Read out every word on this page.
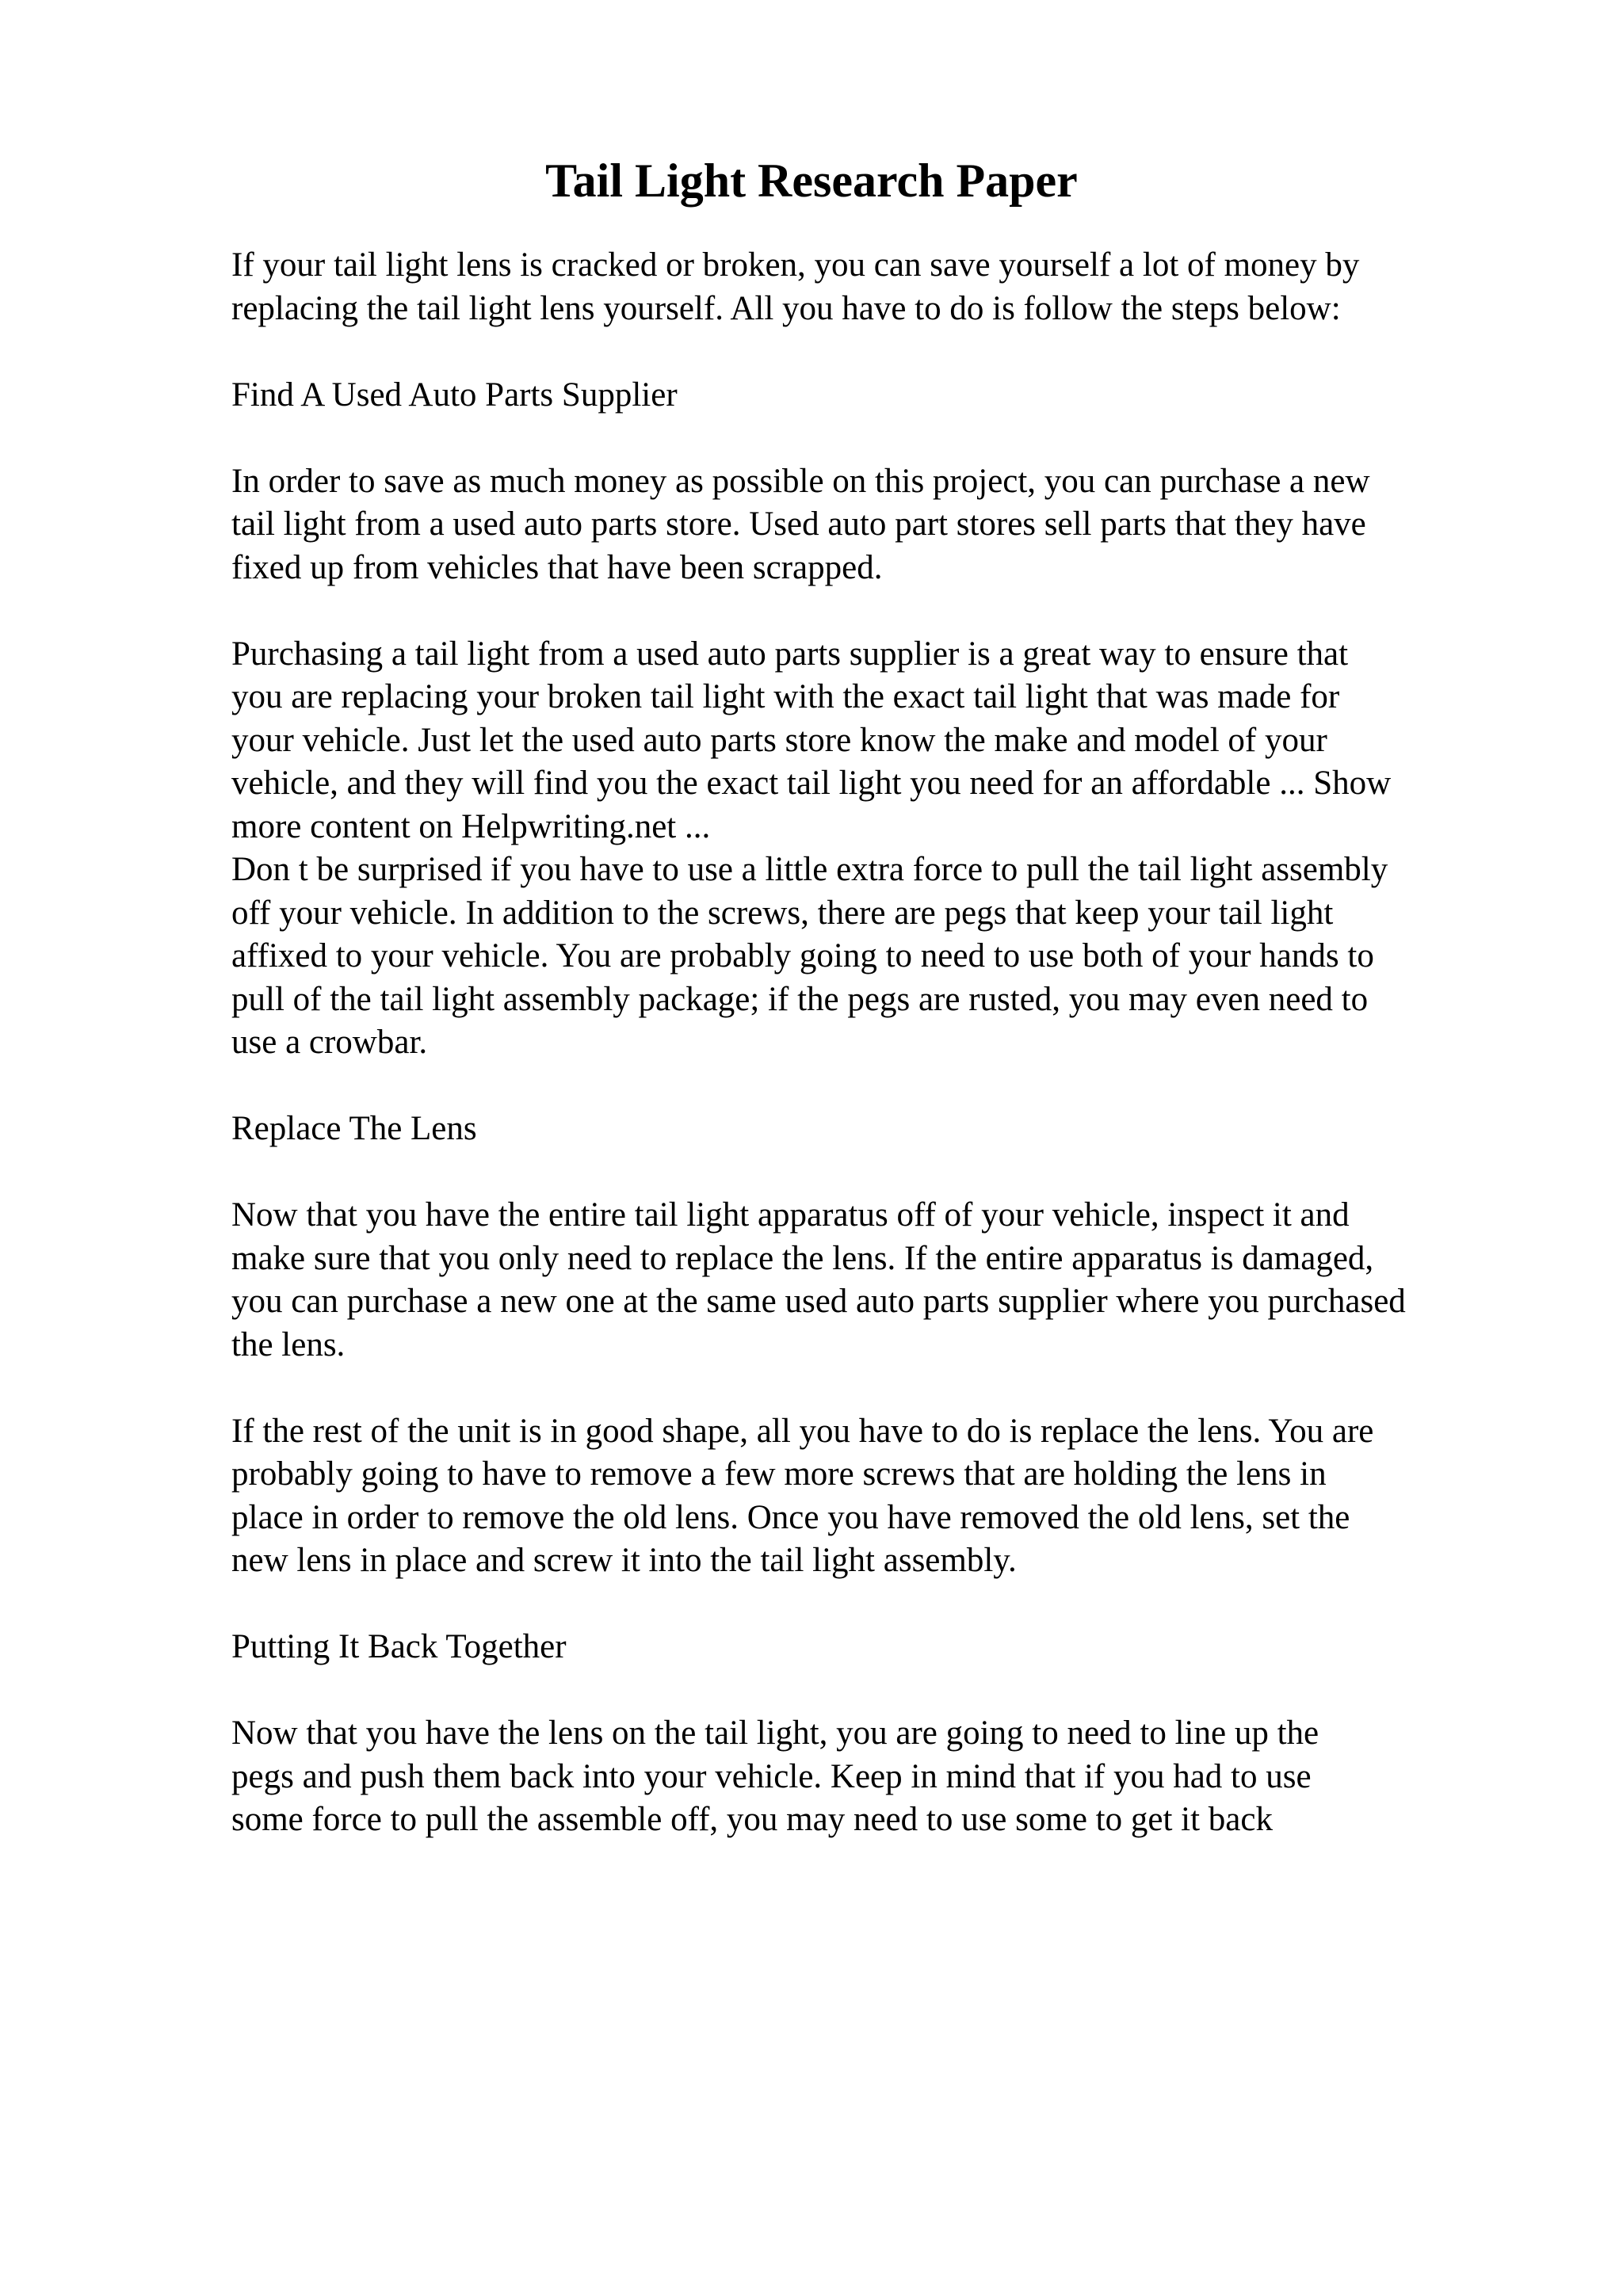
Tail Light Research Paper

If your tail light lens is cracked or broken, you can save yourself a lot of money by
replacing the tail light lens yourself. All you have to do is follow the steps below:

Find A Used Auto Parts Supplier

In order to save as much money as possible on this project, you can purchase a new
tail light from a used auto parts store. Used auto part stores sell parts that they have
fixed up from vehicles that have been scrapped.

Purchasing a tail light from a used auto parts supplier is a great way to ensure that
you are replacing your broken tail light with the exact tail light that was made for
your vehicle. Just let the used auto parts store know the make and model of your
vehicle, and they will find you the exact tail light you need for an affordable ... Show
more content on Helpwriting.net ...

Don t be surprised if you have to use a little extra force to pull the tail light assembly
off your vehicle. In addition to the screws, there are pegs that keep your tail light
affixed to your vehicle. You are probably going to need to use both of your hands to
pull of the tail light assembly package; if the pegs are rusted, you may even need to
use a crowbar.

Replace The Lens

Now that you have the entire tail light apparatus off of your vehicle, inspect it and
make sure that you only need to replace the lens. If the entire apparatus is damaged,
you can purchase a new one at the same used auto parts supplier where you purchased
the lens.

If the rest of the unit is in good shape, all you have to do is replace the lens. You are
probably going to have to remove a few more screws that are holding the lens in
place in order to remove the old lens. Once you have removed the old lens, set the
new lens in place and screw it into the tail light assembly.

Putting It Back Together

Now that you have the lens on the tail light, you are going to need to line up the
pegs and push them back into your vehicle. Keep in mind that if you had to use
some force to pull the assemble off, you may need to use some to get it back
